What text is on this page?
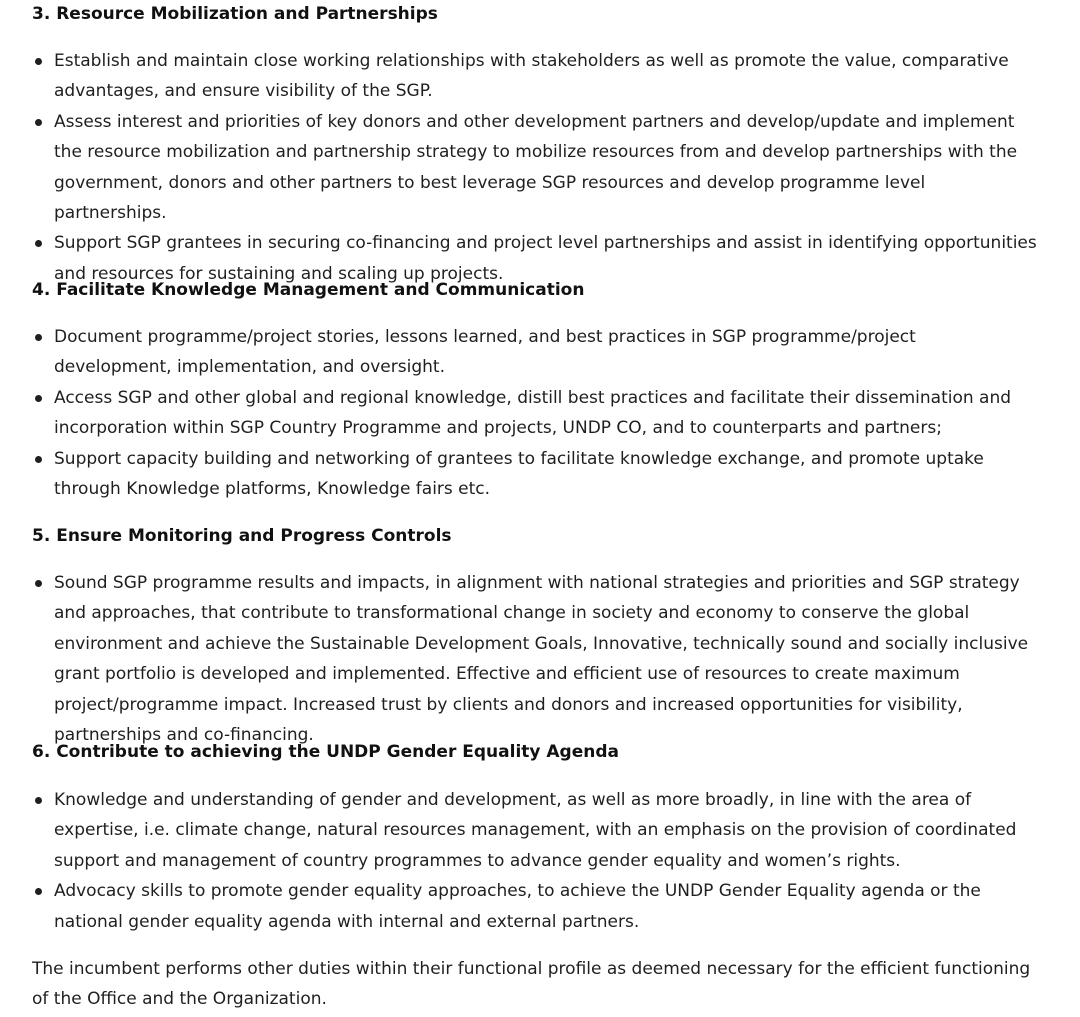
3. Resource Mobilization and Partnerships
Establish and maintain close working relationships with stakeholders as well as promote the value, comparative advantages, and ensure visibility of the SGP.
Assess interest and priorities of key donors and other development partners and develop/update and implement the resource mobilization and partnership strategy to mobilize resources from and develop partnerships with the government, donors and other partners to best leverage SGP resources and develop programme level partnerships.
Support SGP grantees in securing co-financing and project level partnerships and assist in identifying opportunities and resources for sustaining and scaling up projects.
4. Facilitate Knowledge Management and Communication
Document programme/project stories, lessons learned, and best practices in SGP programme/project development, implementation, and oversight.
Access SGP and other global and regional knowledge, distill best practices and facilitate their dissemination and incorporation within SGP Country Programme and projects, UNDP CO, and to counterparts and partners;
Support capacity building and networking of grantees to facilitate knowledge exchange, and promote uptake through Knowledge platforms, Knowledge fairs etc.
5. Ensure Monitoring and Progress Controls
Sound SGP programme results and impacts, in alignment with national strategies and priorities and SGP strategy and approaches, that contribute to transformational change in society and economy to conserve the global environment and achieve the Sustainable Development Goals, Innovative, technically sound and socially inclusive grant portfolio is developed and implemented. Effective and efficient use of resources to create maximum project/programme impact. Increased trust by clients and donors and increased opportunities for visibility, partnerships and co-financing.
6. Contribute to achieving the UNDP Gender Equality Agenda
Knowledge and understanding of gender and development, as well as more broadly, in line with the area of expertise, i.e. climate change, natural resources management, with an emphasis on the provision of coordinated support and management of country programmes to advance gender equality and women’s rights.
Advocacy skills to promote gender equality approaches, to achieve the UNDP Gender Equality agenda or the national gender equality agenda with internal and external partners.

The incumbent performs other duties within their functional profile as deemed necessary for the efficient functioning of the Office and the Organization.
